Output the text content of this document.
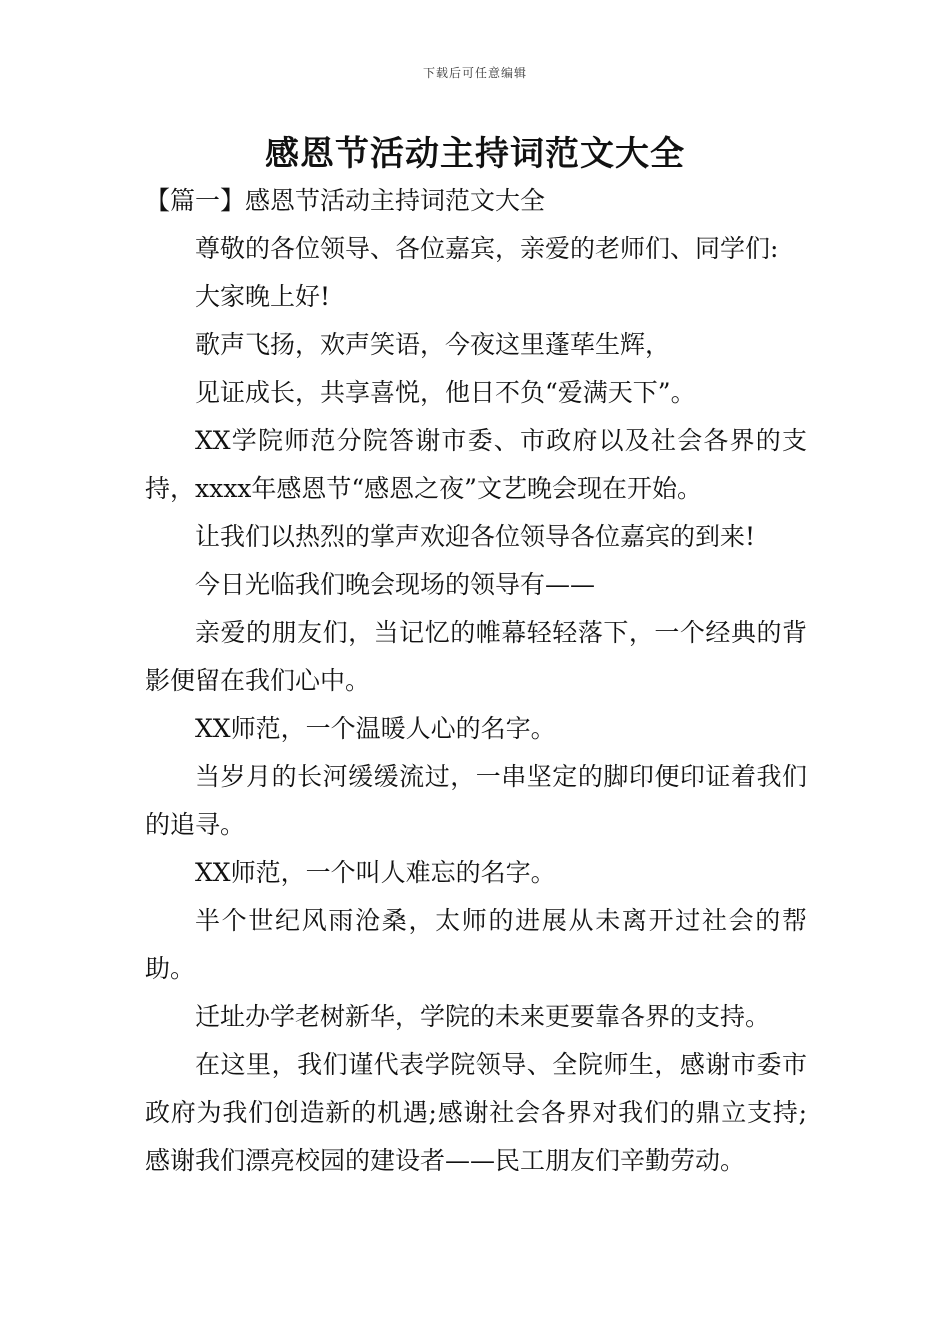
下载后可任意编辑
感恩节活动主持词范文大全

【篇一】感恩节活动主持词范文大全

尊敬的各位领导、各位嘉宾，亲爱的老师们、同学们:

大家晚上好!

歌声飞扬，欢声笑语，今夜这里蓬荜生辉，

见证成长，共享喜悦，他日不负“爱满天下”。

XX学院师范分院答谢市委、市政府以及社会各界的支持，xxxx年感恩节“感恩之夜”文艺晚会现在开始。

让我们以热烈的掌声欢迎各位领导各位嘉宾的到来!

今日光临我们晚会现场的领导有——

亲爱的朋友们，当记忆的帷幕轻轻落下，一个经典的背影便留在我们心中。

XX师范，一个温暖人心的名字。

当岁月的长河缓缓流过，一串坚定的脚印便印证着我们的追寻。

XX师范，一个叫人难忘的名字。

半个世纪风雨沧桑，太师的进展从未离开过社会的帮助。

迁址办学老树新华，学院的未来更要靠各界的支持。

在这里，我们谨代表学院领导、全院师生，感谢市委市政府为我们创造新的机遇;感谢社会各界对我们的鼎立支持;感谢我们漂亮校园的建设者——民工朋友们辛勤劳动。
